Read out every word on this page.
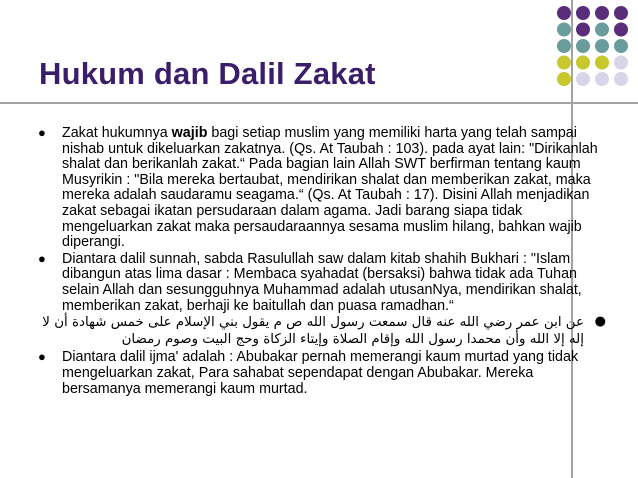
Hukum dan Dalil Zakat

● Zakat hukumnya wajib bagi setiap muslim yang memiliki harta yang telah sampai nishab untuk dikeluarkan zakatnya. (Qs. At Taubah : 103). pada ayat lain: "Dirikanlah shalat dan berikanlah zakat.“ Pada bagian lain Allah SWT berfirman tentang kaum Musyrikin : "Bila mereka bertaubat, mendirikan shalat dan memberikan zakat, maka mereka adalah saudaramu seagama.“ (Qs. At Taubah : 17). Disini Allah menjadikan zakat sebagai ikatan persudaraan dalam agama. Jadi barang siapa tidak mengeluarkan zakat maka persaudaraannya sesama muslim hilang, bahkan wajib diperangi.

● Diantara dalil sunnah, sabda Rasulullah saw dalam kitab shahih Bukhari : "Islam dibangun atas lima dasar : Membaca syahadat (bersaksi) bahwa tidak ada Tuhan selain Allah dan sesungguhnya Muhammad adalah utusanNya, mendirikan shalat, memberikan zakat, berhaji ke baitullah dan puasa ramadhan.“

●
عن ابن عمر رضي الله عنه قال سمعت رسول الله ص م يقول بني الإسلام على خمس شهادة أن لا إله إلا الله وأن محمدا رسول الله وإقام الصلاة وإيتاء الزكاة وحج البيت وصوم رمضان

● Diantara dalil ijma' adalah : Abubakar pernah memerangi kaum murtad yang tidak mengeluarkan zakat, Para sahabat sependapat dengan Abubakar. Mereka bersamanya memerangi kaum murtad.
